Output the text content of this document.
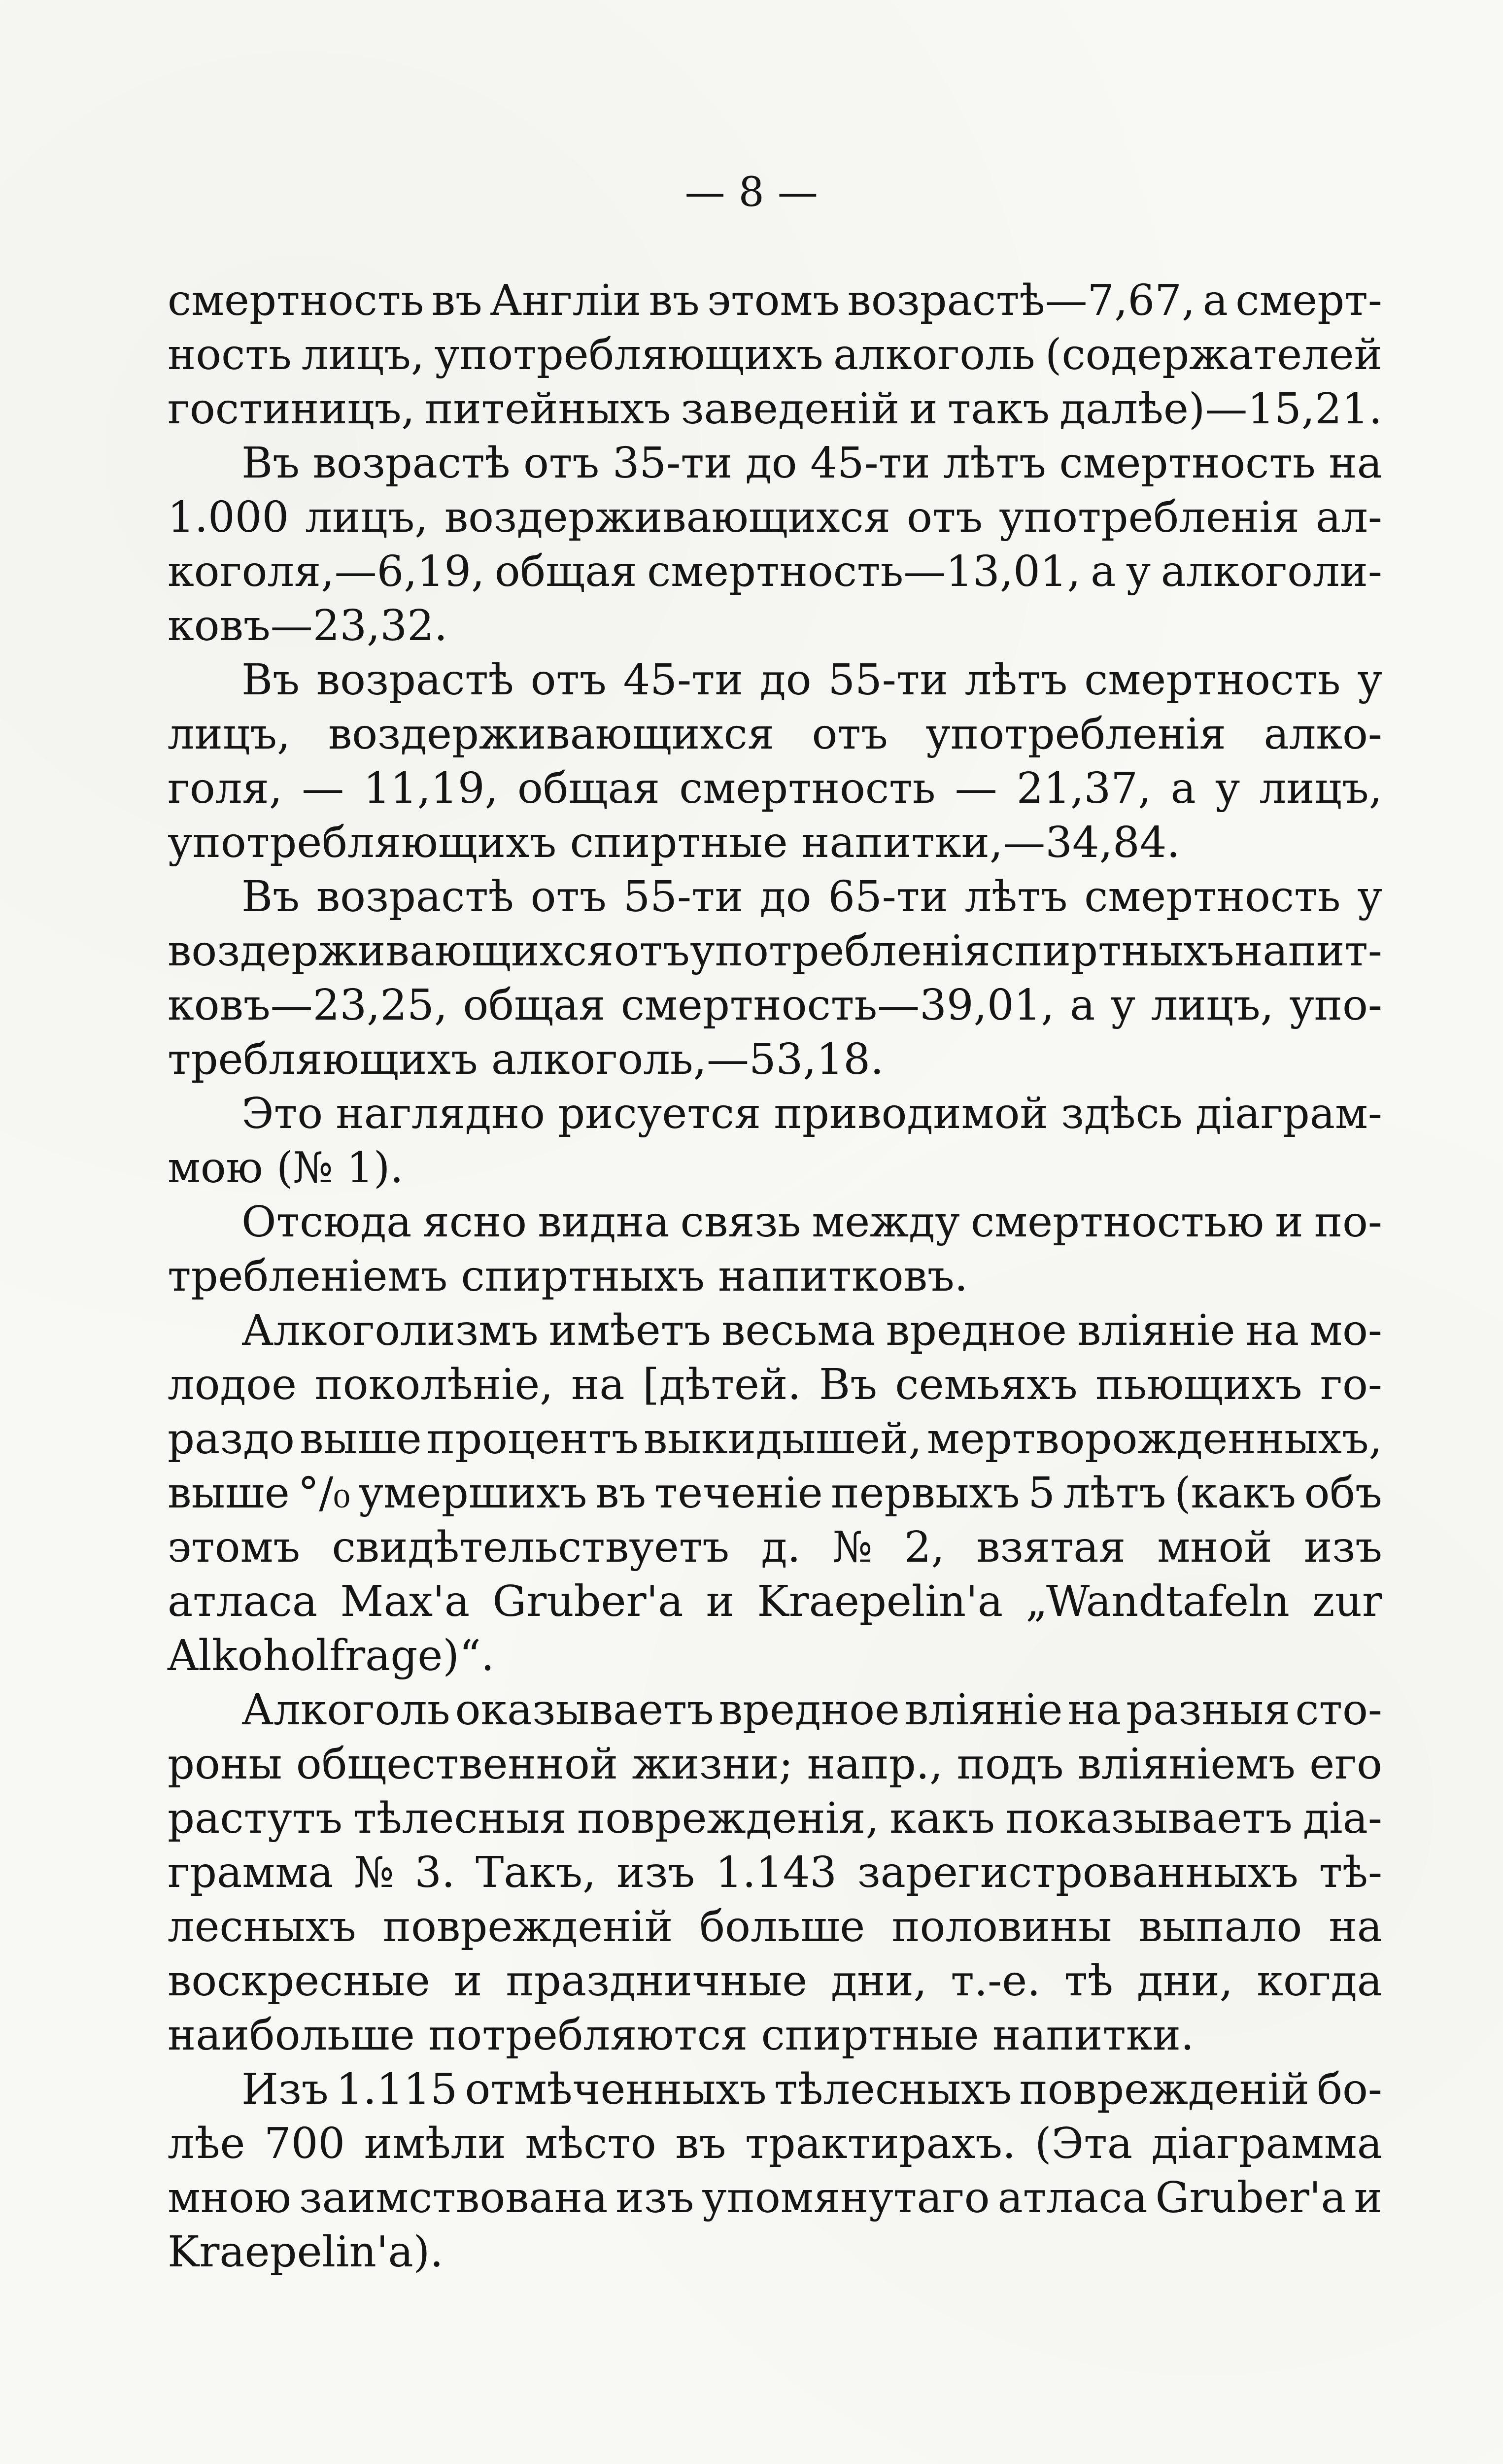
— 8 —
смертность въ Англіи въ этомъ возрастѣ—7,67, а смерт-
ность лицъ, употребляющихъ алкоголь (содержателей
гостиницъ, питейныхъ заведеній и такъ далѣе)—15,21.
Въ возрастѣ отъ 35-ти до 45-ти лѣтъ смертность на
1.000 лицъ, воздерживающихся отъ употребленія ал-
коголя,—6,19, общая смертность—13,01, а у алкоголи-
ковъ—23,32.
Въ возрастѣ отъ 45-ти до 55-ти лѣтъ смертность у
лицъ, воздерживающихся отъ употребленія алко-
голя, — 11,19, общая смертность — 21,37, а у лицъ,
употребляющихъ спиртные напитки,—34,84.
Въ возрастѣ отъ 55-ти до 65-ти лѣтъ смертность у
воздерживающихся отъ употребленія спиртныхъ напит-
ковъ—23,25, общая смертность—39,01, а у лицъ, упо-
требляющихъ алкоголь,—53,18.
Это наглядно рисуется приводимой здѣсь діаграм-
мою (№ 1).
Отсюда ясно видна связь между смертностью и по-
требленіемъ спиртныхъ напитковъ.
Алкоголизмъ имѣетъ весьма вредное вліяніе на мо-
лодое поколѣніе, на [дѣтей. Въ семьяхъ пьющихъ го-
раздо выше процентъ выкидышей, мертворожденныхъ,
выше °/₀ умершихъ въ теченіе первыхъ 5 лѣтъ (какъ объ
этомъ свидѣтельствуетъ д. № 2, взятая мной изъ
атласа Max'a Gruber'a и Kraepelin'a „Wandtafeln zur
Alkoholfrage)“.
Алкоголь оказываетъ вредное вліяніе на разныя сто-
роны общественной жизни; напр., подъ вліяніемъ его
растутъ тѣлесныя поврежденія, какъ показываетъ діа-
грамма № 3. Такъ, изъ 1.143 зарегистрованныхъ тѣ-
лесныхъ поврежденій больше половины выпало на
воскресные и праздничные дни, т.-е. тѣ дни, когда
наибольше потребляются спиртные напитки.
Изъ 1.115 отмѣченныхъ тѣлесныхъ поврежденій бо-
лѣе 700 имѣли мѣсто въ трактирахъ. (Эта діаграмма
мною заимствована изъ упомянутаго атласа Gruber'a и
Kraepelin'a).
